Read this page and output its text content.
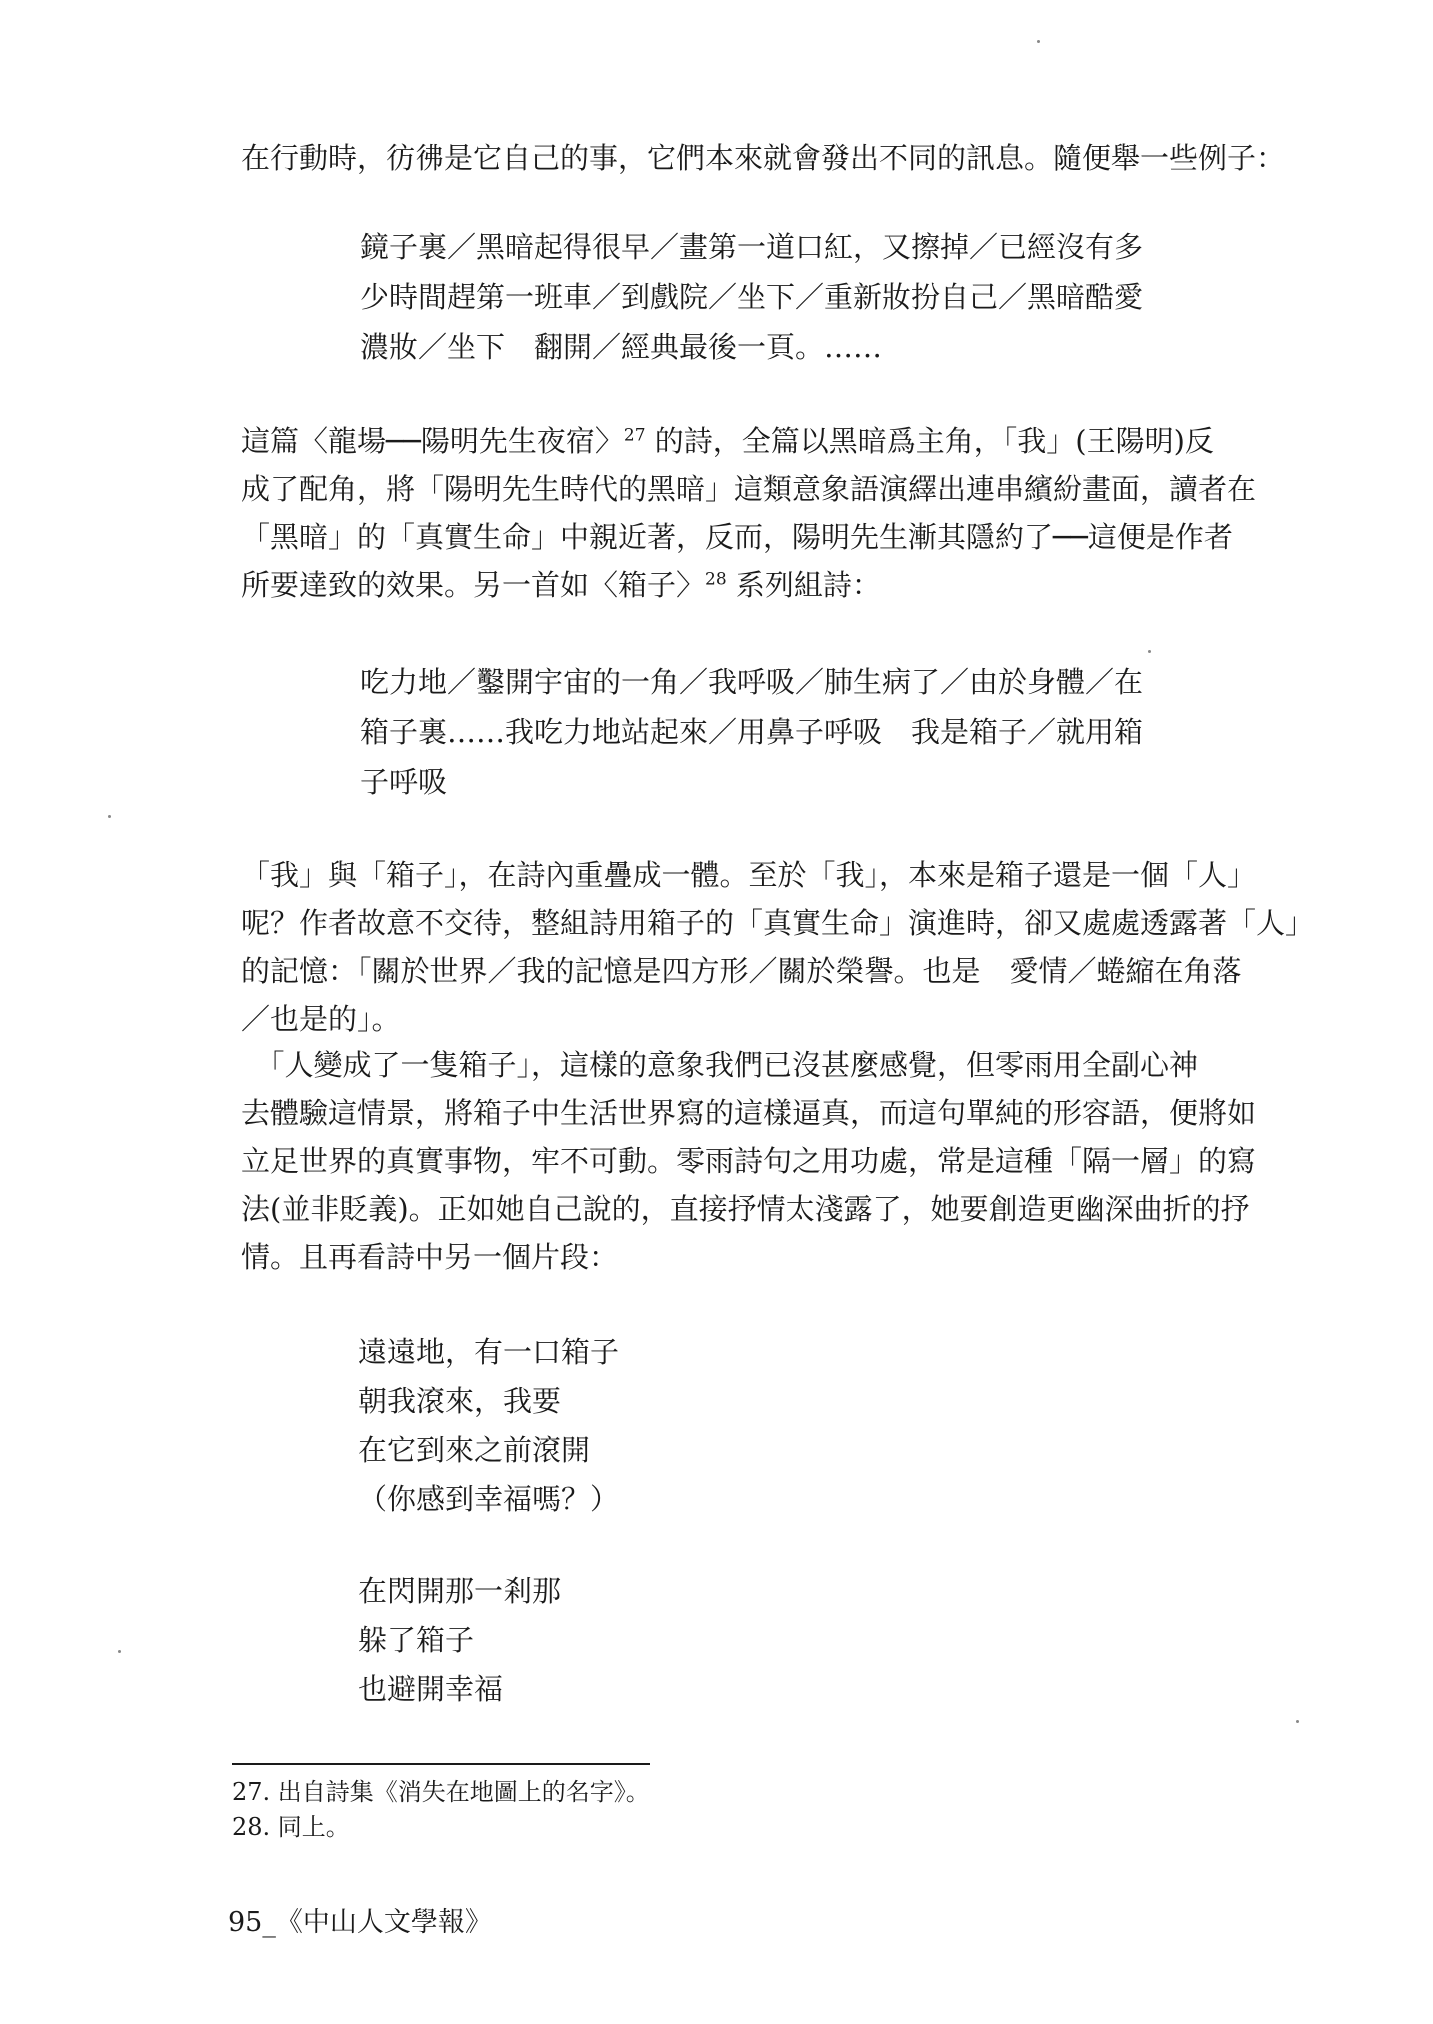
在行動時，彷彿是它自己的事，它們本來就會發出不同的訊息。隨便舉一些例子：
鏡子裏／黑暗起得很早／畫第一道口紅，又擦掉／已經沒有多
少時間趕第一班車／到戲院／坐下／重新妝扮自己／黑暗酷愛
濃妝／坐下　翻開／經典最後一頁。……
這篇〈龍場──陽明先生夜宿〉$^{27}$ 的詩，全篇以黑暗爲主角，「我」(王陽明)反
成了配角，將「陽明先生時代的黑暗」這類意象語演繹出連串繽紛畫面，讀者在
「黑暗」的「真實生命」中親近著，反而，陽明先生漸其隱約了──這便是作者
所要達致的效果。另一首如〈箱子〉$^{28}$ 系列組詩：
吃力地／鑿開宇宙的一角／我呼吸／肺生病了／由於身體／在
箱子裏……我吃力地站起來／用鼻子呼吸　我是箱子／就用箱
子呼吸
「我」與「箱子」，在詩內重疊成一體。至於「我」，本來是箱子還是一個「人」
呢？作者故意不交待，整組詩用箱子的「真實生命」演進時，卻又處處透露著「人」
的記憶：「關於世界／我的記憶是四方形／關於榮譽。也是　愛情／蜷縮在角落
／也是的」。
　「人變成了一隻箱子」，這樣的意象我們已沒甚麼感覺，但零雨用全副心神
去體驗這情景，將箱子中生活世界寫的這樣逼真，而這句單純的形容語，便將如
立足世界的真實事物，牢不可動。零雨詩句之用功處，常是這種「隔一層」的寫
法(並非貶義)。正如她自己說的，直接抒情太淺露了，她要創造更幽深曲折的抒
情。且再看詩中另一個片段：
遠遠地，有一口箱子
朝我滾來，我要
在它到來之前滾開
（你感到幸福嗎？）
在閃開那一剎那
躲了箱子
也避開幸福
27. 出自詩集《消失在地圖上的名字》。
28. 同上。
95_《中山人文學報》
